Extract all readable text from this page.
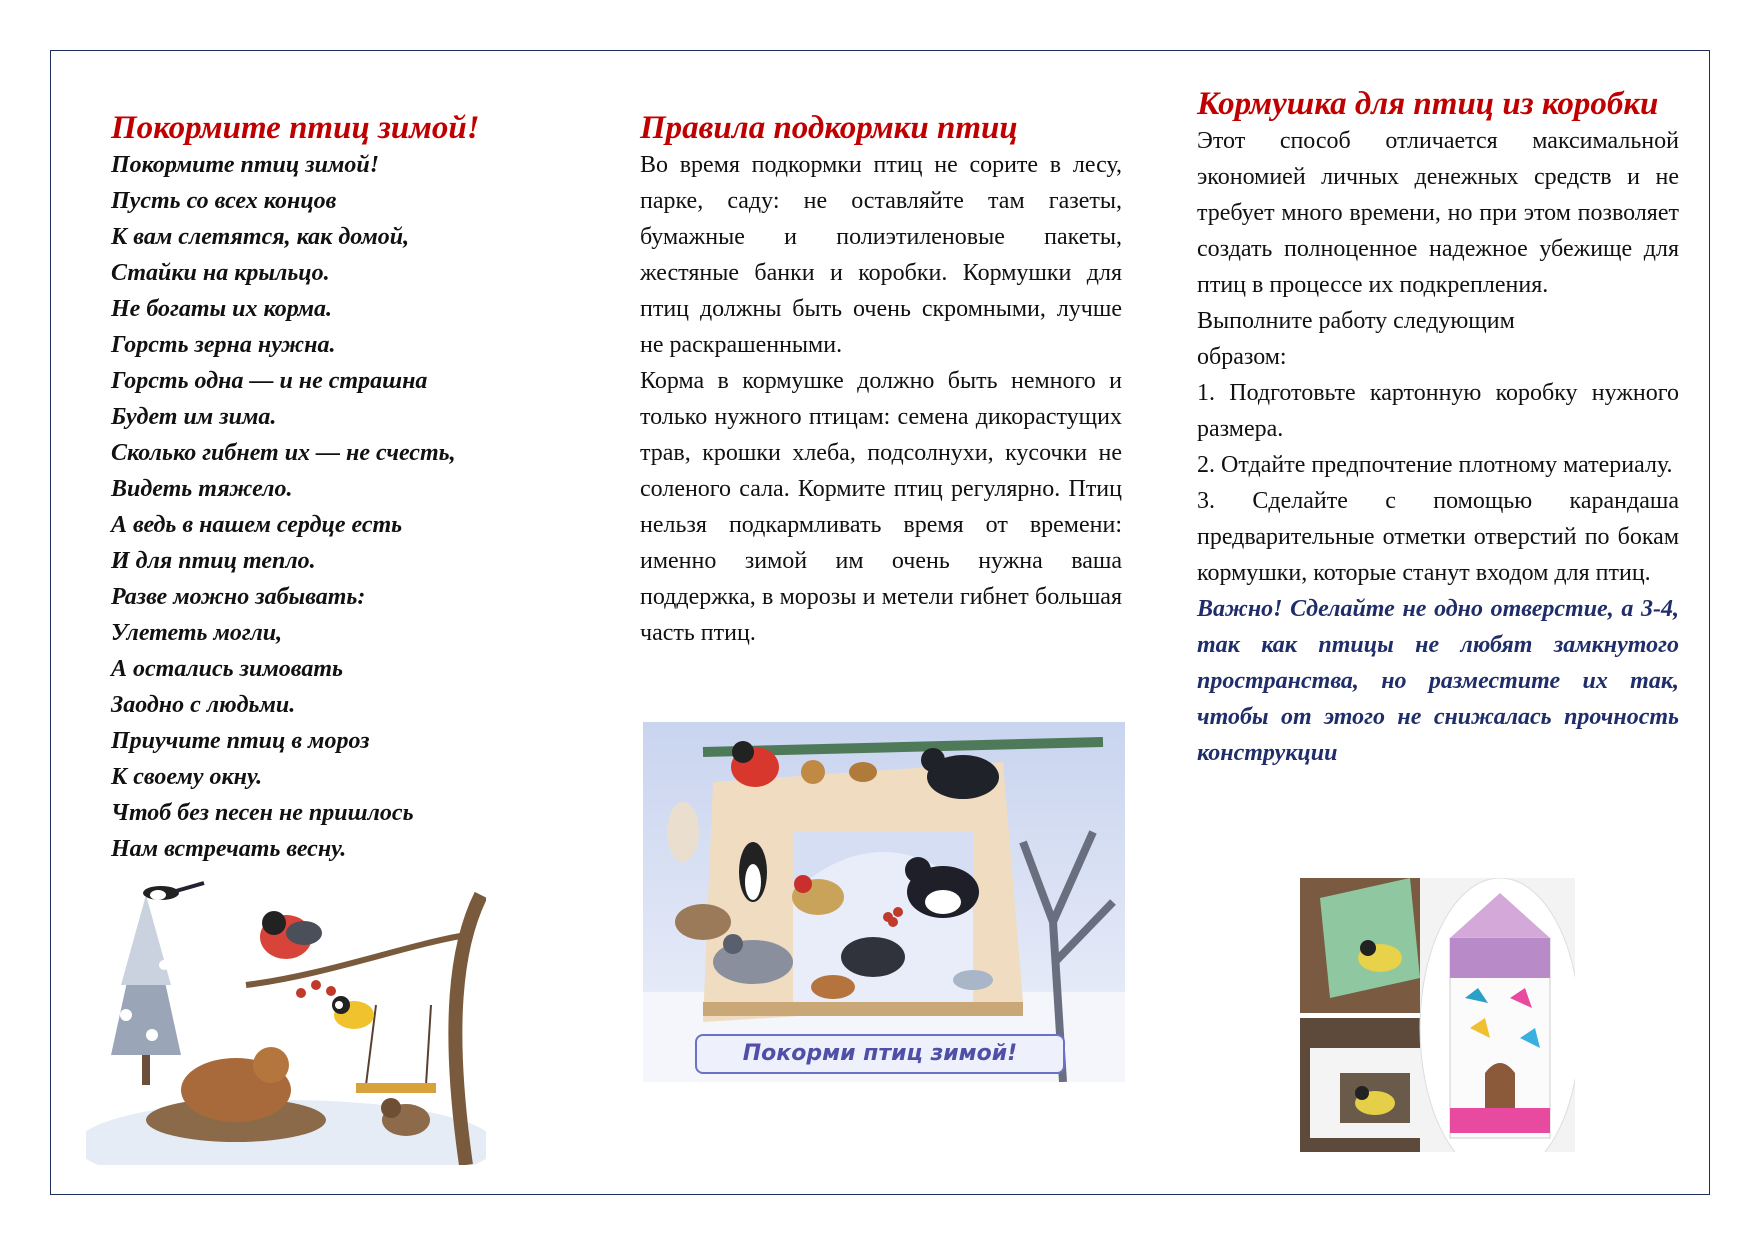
Покормите птиц зимой!
Покормите птиц зимой!
Пусть со всех концов
К вам слетятся, как домой,
Стайки на крыльцо.
Не богаты их корма.
Горсть зерна нужна.
Горсть одна — и не страшна
Будет им зима.
Сколько гибнет их — не счесть,
Видеть тяжело.
А ведь в нашем сердце есть
И для птиц тепло.
Разве можно забывать:
Улететь могли,
А остались зимовать
Заодно с людьми.
Приучите птиц в мороз
К своему окну.
Чтоб без песен не пришлось
Нам встречать весну.
Правила подкормки птиц

Во время подкормки птиц не сорите в лесу, парке, саду: не оставляйте там газеты, бумажные и полиэтиленовые пакеты, жестяные банки и коробки. Кормушки для птиц должны быть очень скромными, лучше не раскрашенными.

Корма в кормушке должно быть немного и только нужного птицам: семена дикорастущих трав, крошки хлеба, подсолнухи, кусочки не соленого сала. Кормите птиц регулярно. Птиц нельзя подкармливать время от времени: именно зимой им очень нужна ваша поддержка, в морозы и метели гибнет большая часть птиц.

Покорми птиц зимой!
Кормушка для птиц из коробки

Этот способ отличается максимальной экономией личных денежных средств и не требует много времени, но при этом позволяет создать полноценное надежное убежище для птиц в процессе их подкрепления.

Выполните работу следующим образом:

1. Подготовьте картонную коробку нужного размера.

2. Отдайте предпочтение плотному материалу.

3. Сделайте с помощью карандаша предварительные отметки отверстий по бокам кормушки, которые станут входом для птиц.

Важно! Сделайте не одно отверстие, а 3-4, так как птицы не любят замкнутого пространства, но разместите их так, чтобы от этого не снижалась прочность конструкции
